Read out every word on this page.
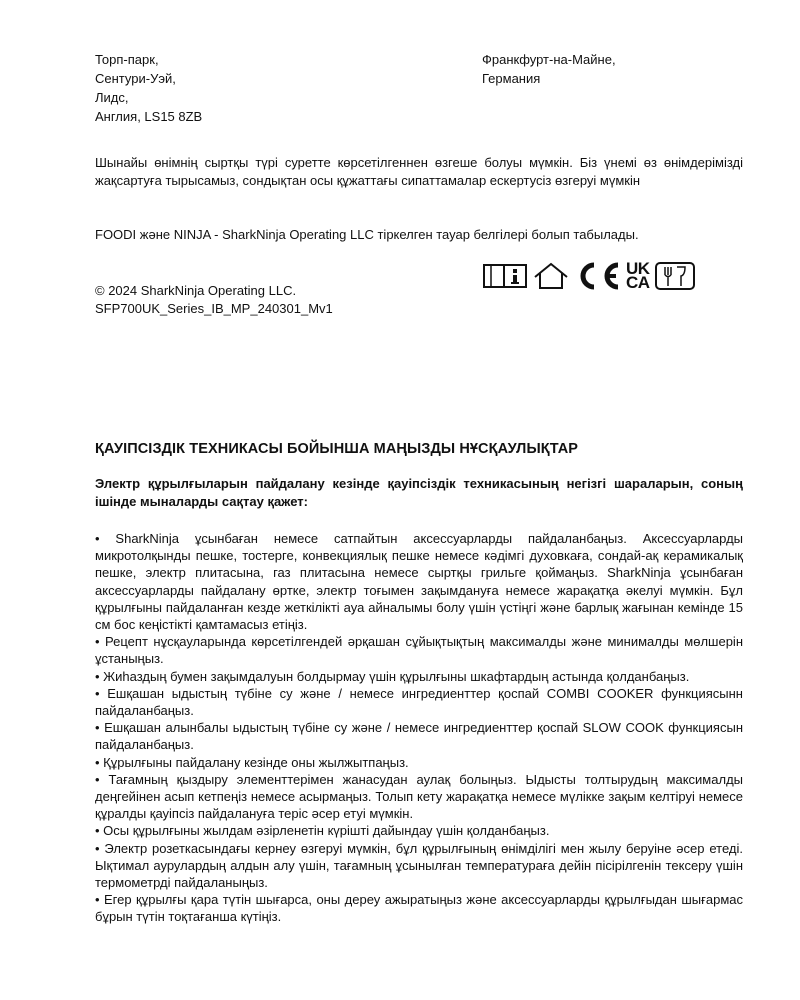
Торп-парк,
Сентури-Уэй,
Лидс,
Англия, LS15 8ZB
Франкфурт-на-Майне,
Германия
Шынайы өнімнің сыртқы түрі суретте көрсетілгеннен өзгеше болуы мүмкін. Біз үнемі өз өнімдерімізді жақсартуға тырысамыз, сондықтан осы құжаттағы сипаттамалар ескертусіз өзгеруі мүмкін
FOODI және NINJA - SharkNinja Operating LLC тіркелген тауар белгілері болып табылады.
© 2024 SharkNinja Operating LLC.
SFP700UK_Series_IB_MP_240301_Mv1
UK
CA
ҚАУІПСІЗДІК ТЕХНИКАСЫ БОЙЫНША МАҢЫЗДЫ НҰСҚАУЛЫҚТАР
Электр құрылғыларын пайдалану кезінде қауіпсіздік техникасының негізгі шараларын, соның ішінде мыналарды сақтау қажет:

• SharkNinja ұсынбаған немесе сатпайтын аксессуарларды пайдаланбаңыз. Аксессуарларды микротолқынды пешке, тостерге, конвекциялық пешке немесе кәдімгі духовкаға, сондай-ақ керамикалық пешке, электр плитасына, газ плитасына немесе сыртқы грильге қоймаңыз. SharkNinja ұсынбаған аксессуарларды пайдалану өртке, электр тоғымен зақымдануға немесе жарақатқа әкелуі мүмкін. Бұл құрылғыны пайдаланған кезде жеткілікті ауа айналымы болу үшін үстіңгі және барлық жағынан кемінде 15 см бос кеңістікті қамтамасыз етіңіз.

• Рецепт нұсқауларында көрсетілгендей әрқашан сұйықтықтың максималды және минималды мөлшерін ұстаныңыз.

• Жиһаздың бумен зақымдалуын болдырмау үшін құрылғыны шкафтардың астында қолданбаңыз.

• Ешқашан ыдыстың түбіне су және / немесе ингредиенттер қоспай COMBI COOKER функциясынн пайдаланбаңыз.

• Ешқашан алынбалы ыдыстың түбіне су және / немесе ингредиенттер қоспай SLOW COOK функциясын пайдаланбаңыз.

• Құрылғыны пайдалану кезінде оны жылжытпаңыз.

• Тағамның қыздыру элементтерімен жанасудан аулақ болыңыз. Ыдысты толтырудың максималды деңгейінен асып кетпеңіз немесе асырмаңыз. Толып кету жарақатқа немесе мүлікке зақым келтіруі немесе құралды қауіпсіз пайдалануға теріс әсер етуі мүмкін.

• Осы құрылғыны жылдам әзірленетін күрішті дайындау үшін қолданбаңыз.

• Электр розеткасындағы кернеу өзгеруі мүмкін, бұл құрылғының өнімділігі мен жылу беруіне әсер етеді. Ықтимал аурулардың алдын алу үшін, тағамның ұсынылған температураға дейін пісірілгенін тексеру үшін термометрді пайдаланыңыз.

• Егер құрылғы қара түтін шығарса, оны дереу ажыратыңыз және аксессуарларды құрылғыдан шығармас бұрын түтін тоқтағанша күтіңіз.
